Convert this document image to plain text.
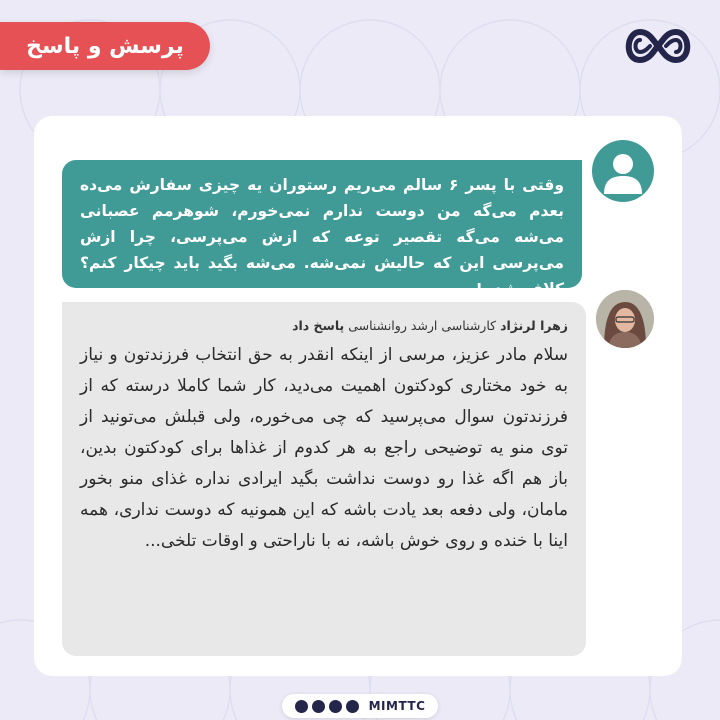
پرسش و پاسخ

وقتی با پسر ۶ سالم می‌ریم رستوران یه چیزی سفارش می‌ده بعدم می‌گه من دوست ندارم نمی‌خورم، شوهرمم عصبانی می‌شه می‌گه تقصیر توعه که ازش می‌پرسی، چرا ازش می‌پرسی این که حالیش نمی‌شه. می‌شه بگید باید چیکار کنم؟ کلافه شدم!

زهرا لرنژاد کارشناسی ارشد روانشناسی پاسخ داد

سلام مادر عزیز، مرسی از اینکه انقدر به حق انتخاب فرزندتون و نیاز به خود مختاری کودکتون اهمیت می‌دید، کار شما کاملا درسته که از فرزندتون سوال می‌پرسید که چی می‌خوره، ولی قبلش می‌تونید از توی منو یه توضیحی راجع به هر کدوم از غذاها برای کودکتون بدین، باز هم اگه غذا رو دوست نداشت بگید ایرادی نداره غذای منو بخور مامان، ولی دفعه بعد یادت باشه که این همونیه که دوست نداری، همه اینا با خنده و روی خوش باشه، نه با ناراحتی و اوقات تلخی...

MIMTTC
